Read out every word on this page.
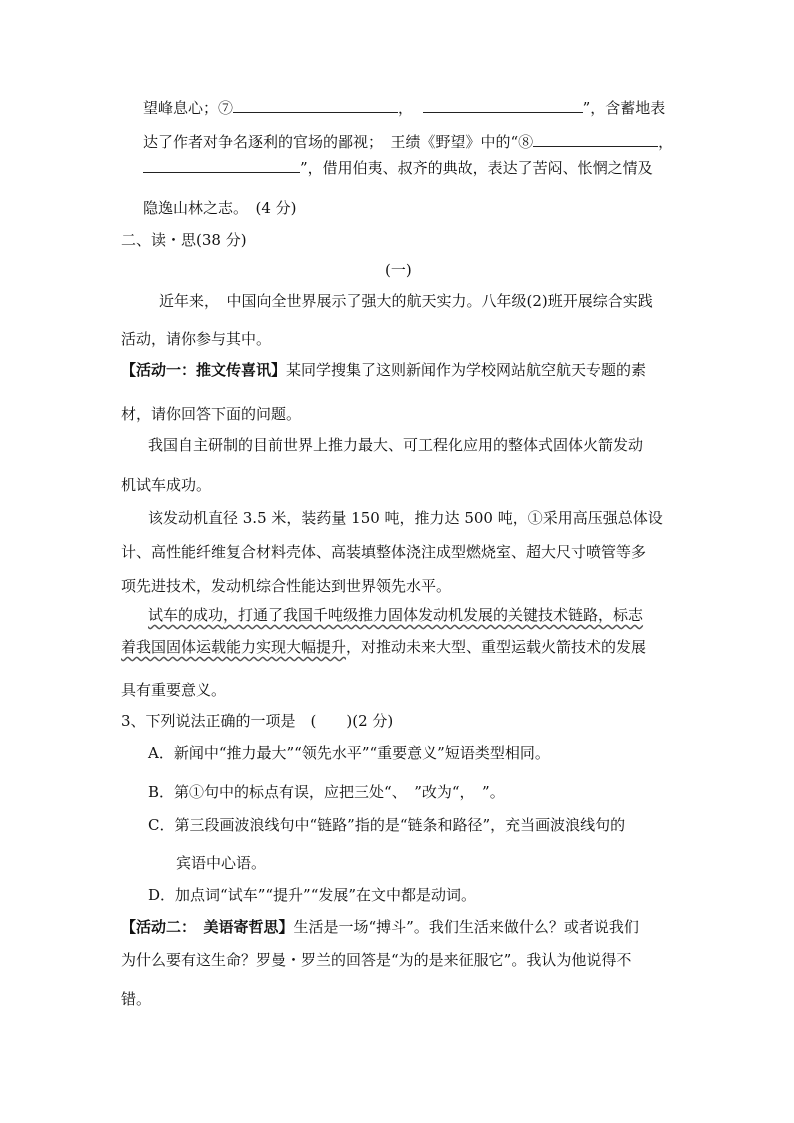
望峰息心；⑦	，	”，含蓄地表
达了作者对争名逐利的官场的鄙视；　王绩《野望》中的“⑧	，
”，借用伯夷、叔齐的典故，表达了苦闷、怅惘之情及
隐逸山林之志。　(4 分)
二、读・思(38 分)
(一)
近年来，　中国向全世界展示了强大的航天实力。八年级(2)班开展综合实践
活动，请你参与其中。
【活动一：推文传喜讯】某同学搜集了这则新闻作为学校网站航空航天专题的素
材，请你回答下面的问题。
我国自主研制的目前世界上推力最大、可工程化应用的整体式固体火箭发动
机试车成功。
该发动机直径 3.5 米，装药量 150 吨，推力达 500 吨，①采用高压强总体设
计、高性能纤维复合材料壳体、高装填整体浇注成型燃烧室、超大尺寸喷管等多
项先进技术，发动机综合性能达到世界领先水平。
试车的成功，打通了我国千吨级推力固体发动机发展的关键技术链路，标志
着我国固体运载能力实现大幅提升，对推动未来大型、重型运载火箭技术的发展
具有重要意义。
3、下列说法正确的一项是　(　　)(2 分)
A．新闻中“推力最大”“领先水平”“重要意义”短语类型相同。
B．第①句中的标点有误，应把三处“、　”改为“，　”。
C．第三段画波浪线句中“链路”指的是“链条和路径”，充当画波浪线句的
宾语中心语。
D．加点词“试车”“提升”“发展”在文中都是动词。
【活动二：　美语寄哲思】生活是一场“搏斗”。我们生活来做什么？或者说我们
为什么要有这生命？罗曼・罗兰的回答是“为的是来征服它”。我认为他说得不
错。
